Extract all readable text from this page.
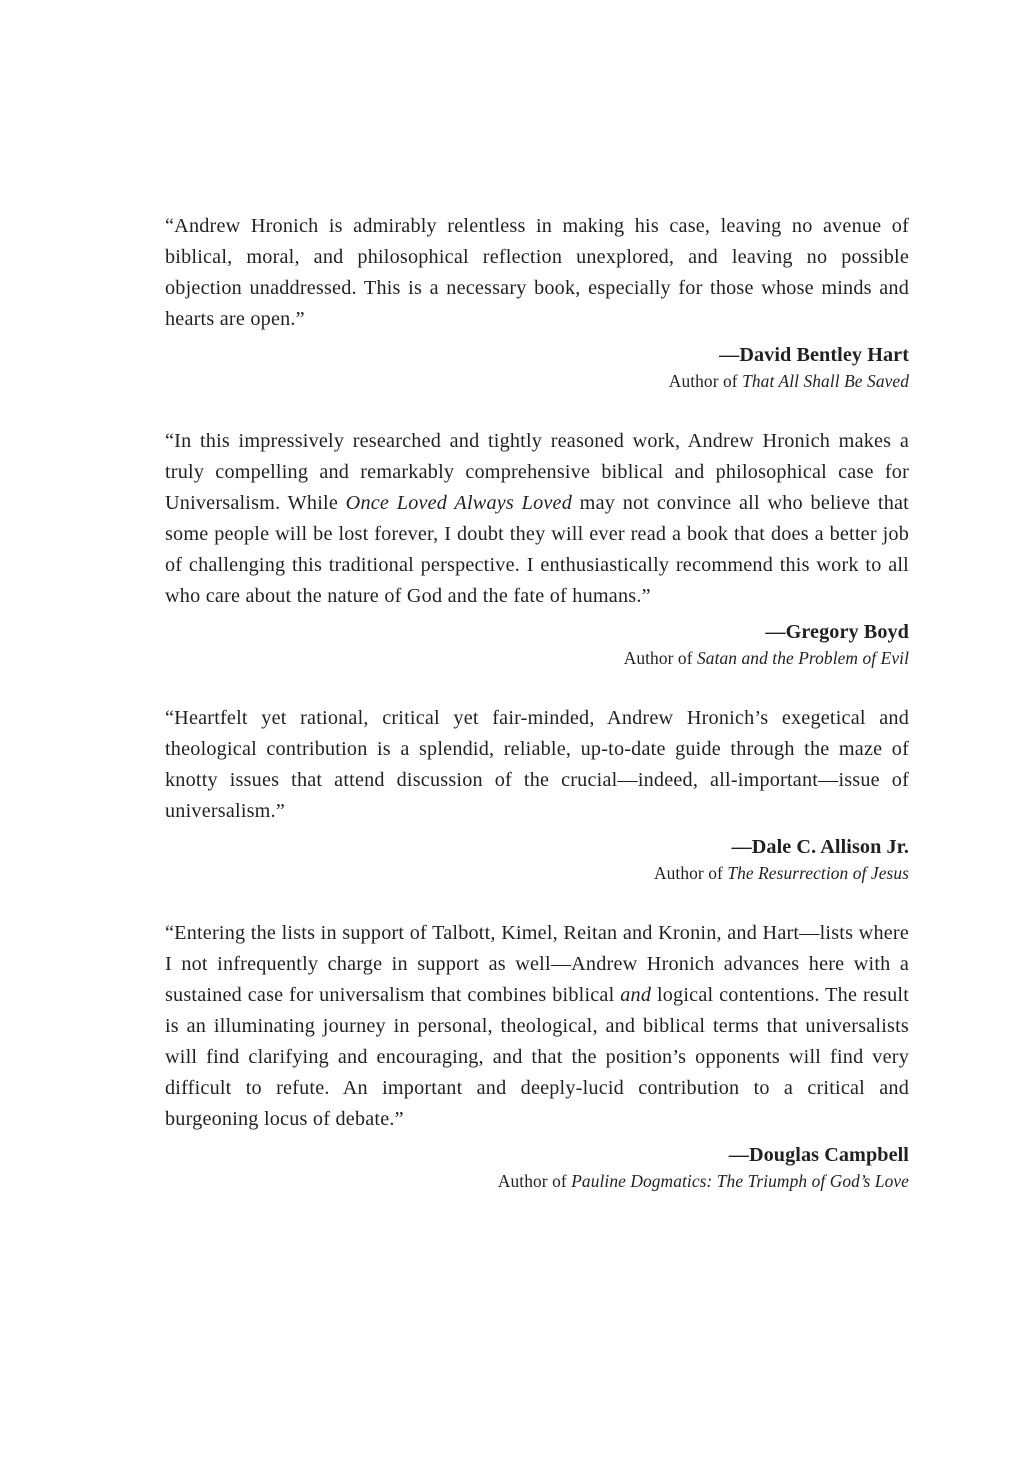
“Andrew Hronich is admirably relentless in making his case, leaving no avenue of biblical, moral, and philosophical reflection unexplored, and leaving no possible objection unaddressed. This is a necessary book, especially for those whose minds and hearts are open.”

—David Bentley Hart
Author of That All Shall Be Saved

“In this impressively researched and tightly reasoned work, Andrew Hronich makes a truly compelling and remarkably comprehensive biblical and philosophical case for Universalism. While Once Loved Always Loved may not convince all who believe that some people will be lost forever, I doubt they will ever read a book that does a better job of challenging this traditional perspective. I enthusiastically recommend this work to all who care about the nature of God and the fate of humans.”

—Gregory Boyd
Author of Satan and the Problem of Evil

“Heartfelt yet rational, critical yet fair-minded, Andrew Hronich’s exegetical and theological contribution is a splendid, reliable, up-to-date guide through the maze of knotty issues that attend discussion of the crucial—indeed, all-important—issue of universalism.”

—Dale C. Allison Jr.
Author of The Resurrection of Jesus

“Entering the lists in support of Talbott, Kimel, Reitan and Kronin, and Hart—lists where I not infrequently charge in support as well—Andrew Hronich advances here with a sustained case for universalism that combines biblical and logical contentions. The result is an illuminating journey in personal, theological, and biblical terms that universalists will find clarifying and encouraging, and that the position’s opponents will find very difficult to refute. An important and deeply-lucid contribution to a critical and burgeoning locus of debate.”

—Douglas Campbell
Author of Pauline Dogmatics: The Triumph of God’s Love
